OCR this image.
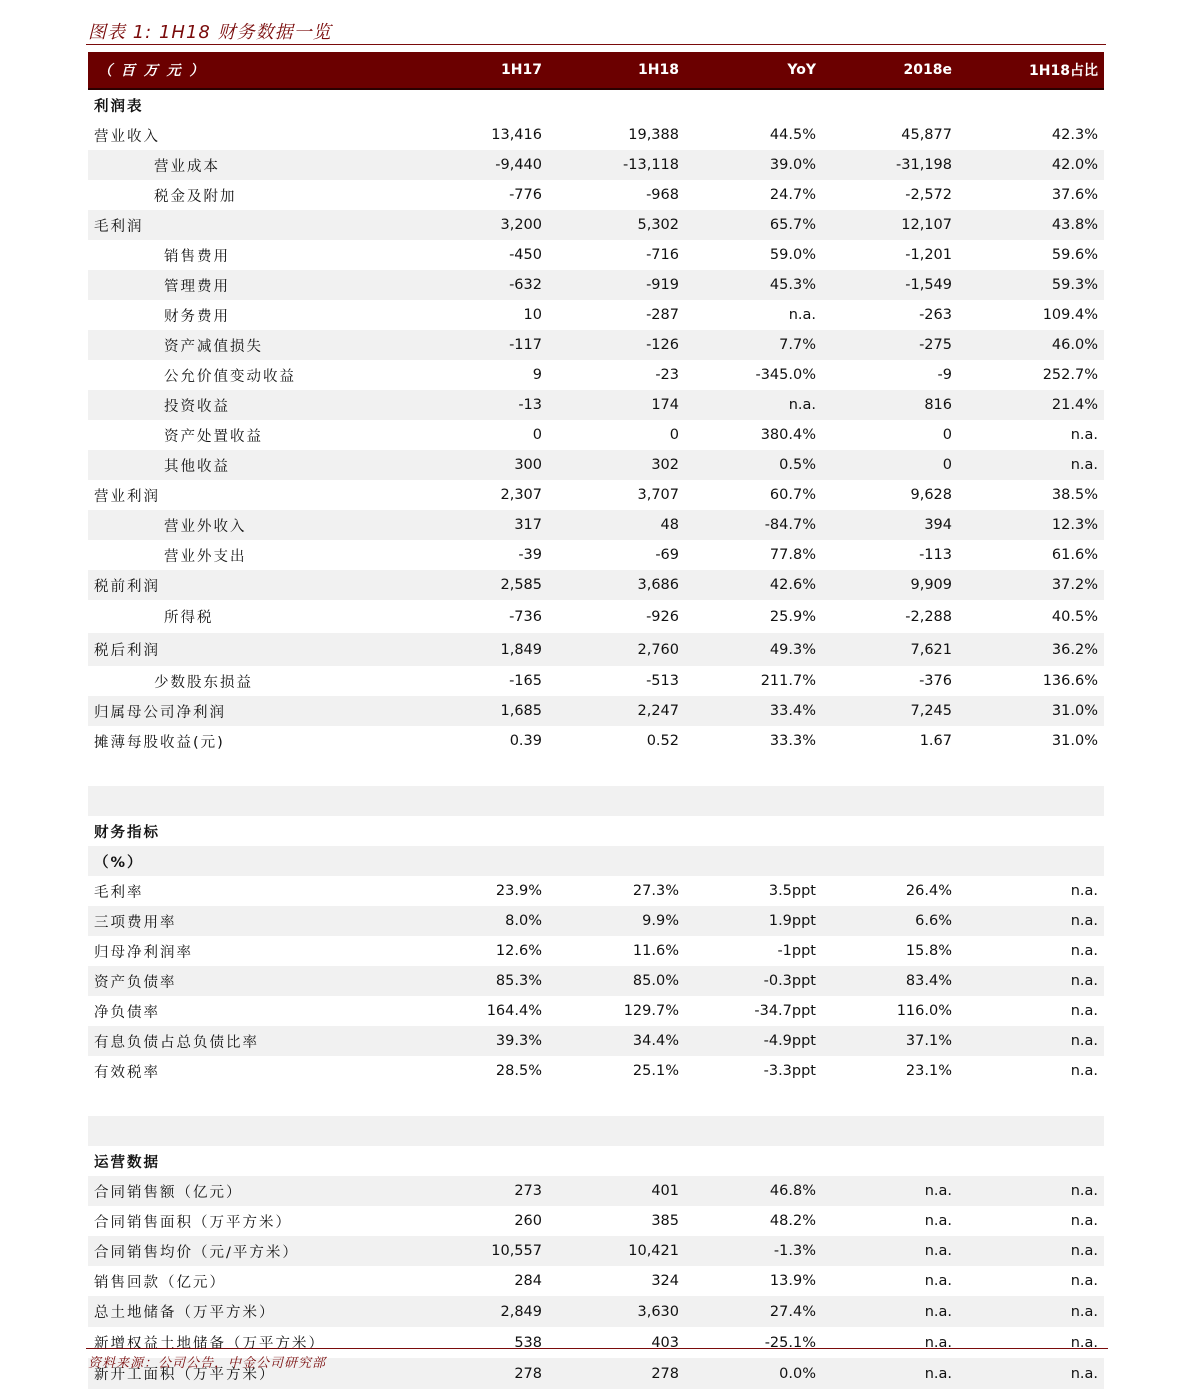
图表 1: 1H18 财务数据一览
（ 百 万 元 ）	1H17	1H18	YoY	2018e	1H18占比
利润表					
营业收入	13,416	19,388	44.5%	45,877	42.3%
营业成本	-9,440	-13,118	39.0%	-31,198	42.0%
税金及附加	-776	-968	24.7%	-2,572	37.6%
毛利润	3,200	5,302	65.7%	12,107	43.8%
销售费用	-450	-716	59.0%	-1,201	59.6%
管理费用	-632	-919	45.3%	-1,549	59.3%
财务费用	10	-287	n.a.	-263	109.4%
资产减值损失	-117	-126	7.7%	-275	46.0%
公允价值变动收益	9	-23	-345.0%	-9	252.7%
投资收益	-13	174	n.a.	816	21.4%
资产处置收益	0	0	380.4%	0	n.a.
其他收益	300	302	0.5%	0	n.a.
营业利润	2,307	3,707	60.7%	9,628	38.5%
营业外收入	317	48	-84.7%	394	12.3%
营业外支出	-39	-69	77.8%	-113	61.6%
税前利润	2,585	3,686	42.6%	9,909	37.2%
所得税	-736	-926	25.9%	-2,288	40.5%
税后利润	1,849	2,760	49.3%	7,621	36.2%
少数股东损益	-165	-513	211.7%	-376	136.6%
归属母公司净利润	1,685	2,247	33.4%	7,245	31.0%
摊薄每股收益(元)	0.39	0.52	33.3%	1.67	31.0%

财务指标					
（%）					
毛利率	23.9%	27.3%	3.5ppt	26.4%	n.a.
三项费用率	8.0%	9.9%	1.9ppt	6.6%	n.a.
归母净利润率	12.6%	11.6%	-1ppt	15.8%	n.a.
资产负债率	85.3%	85.0%	-0.3ppt	83.4%	n.a.
净负债率	164.4%	129.7%	-34.7ppt	116.0%	n.a.
有息负债占总负债比率	39.3%	34.4%	-4.9ppt	37.1%	n.a.
有效税率	28.5%	25.1%	-3.3ppt	23.1%	n.a.

运营数据					
合同销售额（亿元）	273	401	46.8%	n.a.	n.a.
合同销售面积（万平方米）	260	385	48.2%	n.a.	n.a.
合同销售均价（元/平方米）	10,557	10,421	-1.3%	n.a.	n.a.
销售回款（亿元）	284	324	13.9%	n.a.	n.a.
总土地储备（万平方米）	2,849	3,630	27.4%	n.a.	n.a.
新增权益土地储备（万平方米）	538	403	-25.1%	n.a.	n.a.
新开工面积（万平方米）	278	278	0.0%	n.a.	n.a.
资料来源：公司公告，中金公司研究部
